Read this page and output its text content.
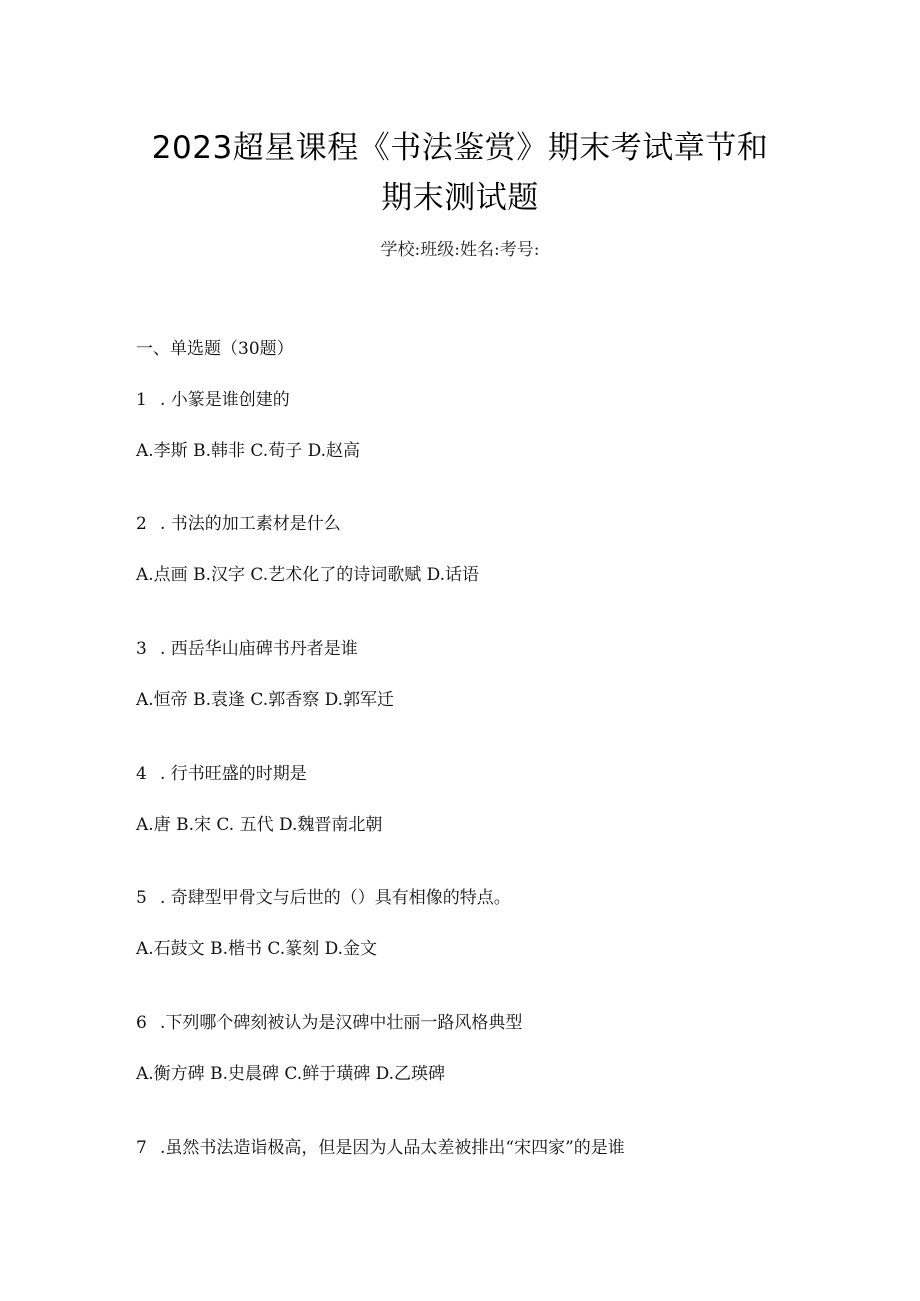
2023超星课程《书法鉴赏》期末考试章节和
期末测试题
学校:班级:姓名:考号:
一、单选题（30题）
1 . 小篆是谁创建的
A.李斯 B.韩非 C.荀子 D.赵高
2 . 书法的加工素材是什么
A.点画 B.汉字 C.艺术化了的诗词歌赋 D.话语
3 . 西岳华山庙碑书丹者是谁
A.恒帝 B.袁逢 C.郭香察 D.郭军迁
4 . 行书旺盛的时期是
A.唐 B.宋 C. 五代 D.魏晋南北朝
5 . 奇肆型甲骨文与后世的（）具有相像的特点。
A.石鼓文 B.楷书 C.篆刻 D.金文
6 .下列哪个碑刻被认为是汉碑中壮丽一路风格典型
A.衡方碑 B.史晨碑 C.鲜于璜碑 D.乙瑛碑
7 .虽然书法造诣极高，但是因为人品太差被排出“宋四家”的是谁
